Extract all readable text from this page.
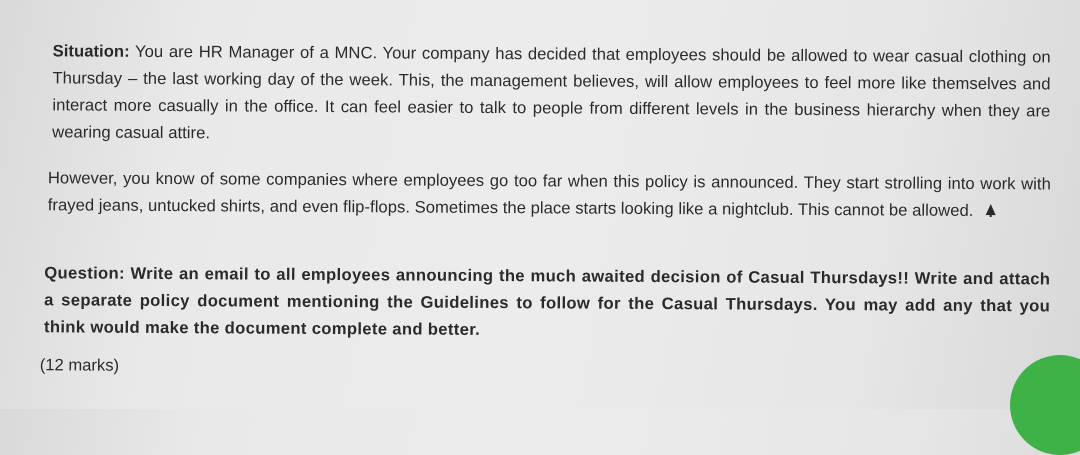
Situation: You are HR Manager of a MNC. Your company has decided that employees should be allowed to wear casual clothing on Thursday – the last working day of the week. This, the management believes, will allow employees to feel more like themselves and interact more casually in the office. It can feel easier to talk to people from different levels in the business hierarchy when they are wearing casual attire.

However, you know of some companies where employees go too far when this policy is announced. They start strolling into work with frayed jeans, untucked shirts, and even flip-flops. Sometimes the place starts looking like a nightclub. This cannot be allowed.

Question: Write an email to all employees announcing the much awaited decision of Casual Thursdays!! Write and attach a separate policy document mentioning the Guidelines to follow for the Casual Thursdays. You may add any that you think would make the document complete and better.

(12 marks)
